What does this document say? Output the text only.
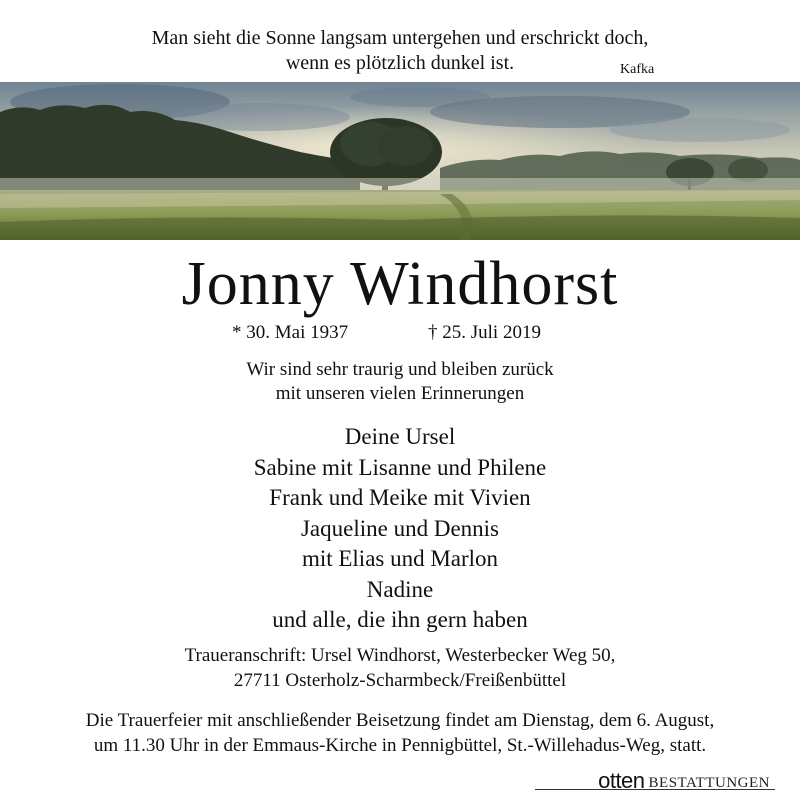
Man sieht die Sonne langsam untergehen und erschrickt doch,
wenn es plötzlich dunkel ist.	Kafka
Jonny Windhorst
* 30. Mai 1937	† 25. Juli 2019
Wir sind sehr traurig und bleiben zurück
mit unseren vielen Erinnerungen
Deine Ursel
Sabine mit Lisanne und Philene
Frank und Meike mit Vivien
Jaqueline und Dennis
mit Elias und Marlon
Nadine
und alle, die ihn gern haben
Traueranschrift: Ursel Windhorst, Westerbecker Weg 50,
27711 Osterholz-Scharmbeck/Freißenbüttel
Die Trauerfeier mit anschließender Beisetzung findet am Dienstag, dem 6. August,
um 11.30 Uhr in der Emmaus-Kirche in Pennigbüttel, St.-Willehadus-Weg, statt.
otten BESTATTUNGEN
